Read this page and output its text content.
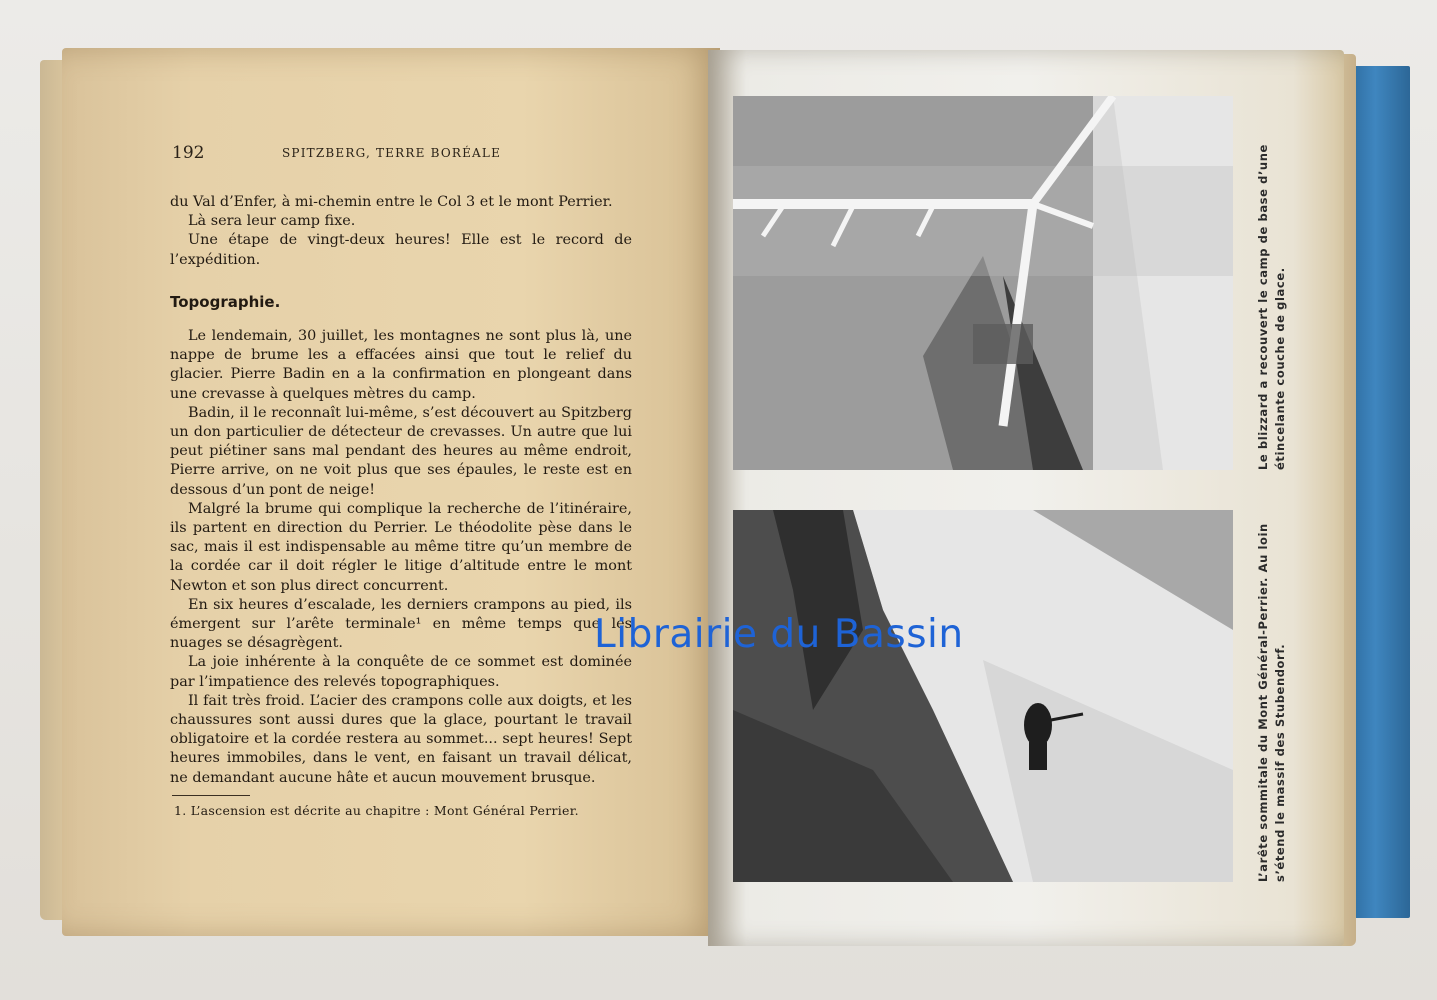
192	SPITZBERG, TERRE BORÉALE

du Val d’Enfer, à mi-chemin entre le Col 3 et le mont Perrier.

Là sera leur camp fixe.

Une étape de vingt-deux heures! Elle est le record de l’expédition.

Topographie.

Le lendemain, 30 juillet, les montagnes ne sont plus là, une nappe de brume les a effacées ainsi que tout le relief du glacier. Pierre Badin en a la confirmation en plongeant dans une crevasse à quelques mètres du camp.

Badin, il le reconnaît lui-même, s’est découvert au Spitzberg un don particulier de détecteur de crevasses. Un autre que lui peut piétiner sans mal pendant des heures au même endroit, Pierre arrive, on ne voit plus que ses épaules, le reste est en dessous d’un pont de neige!

Malgré la brume qui complique la recherche de l’itinéraire, ils partent en direction du Perrier. Le théodolite pèse dans le sac, mais il est indispensable au même titre qu’un membre de la cordée car il doit régler le litige d’altitude entre le mont Newton et son plus direct concurrent.

En six heures d’escalade, les derniers crampons au pied, ils émergent sur l’arête terminale¹ en même temps que les nuages se désagrègent.

La joie inhérente à la conquête de ce sommet est dominée par l’impatience des relevés topographiques.

Il fait très froid. L’acier des crampons colle aux doigts, et les chaussures sont aussi dures que la glace, pourtant le travail obligatoire et la cordée restera au sommet... sept heures! Sept heures immobiles, dans le vent, en faisant un travail délicat, ne demandant aucune hâte et aucun mouvement brusque.

1. L’ascension est décrite au chapitre : Mont Général Perrier.
Le blizzard a recouvert le camp de base d’une étincelante couche de glace.
L’arête sommitale du Mont Général-Perrier. Au loin s’étend le massif des Stubendorf.
Librairie du Bassin
